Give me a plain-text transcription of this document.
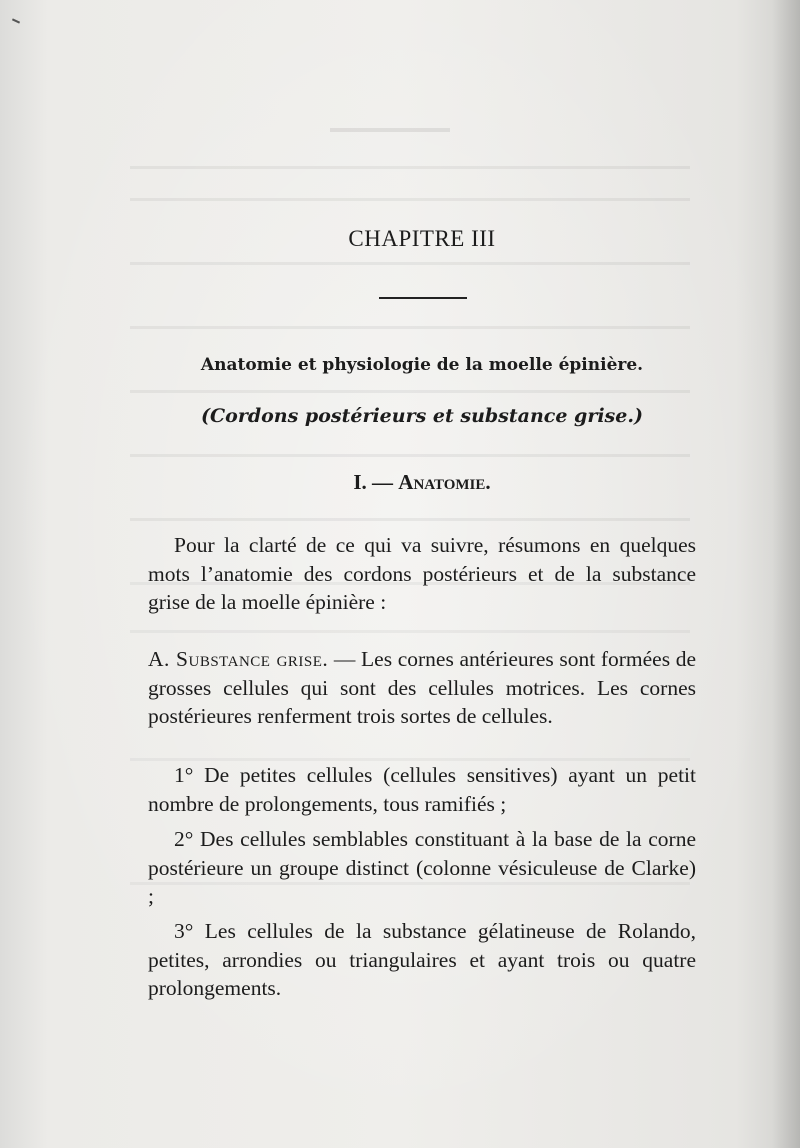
CHAPITRE III
Anatomie et physiologie de la moelle épinière.
(Cordons postérieurs et substance grise.)
I. — Anatomie.

Pour la clarté de ce qui va suivre, résumons en quelques mots l’anatomie des cordons postérieurs et de la substance grise de la moelle épinière :

A. Substance grise. — Les cornes antérieures sont formées de grosses cellules qui sont des cellules motrices. Les cornes postérieures renferment trois sortes de cellules.

1° De petites cellules (cellules sensitives) ayant un petit nombre de prolongements, tous ramifiés ;

2° Des cellules semblables constituant à la base de la corne postérieure un groupe distinct (colonne vésiculeuse de Clarke) ;

3° Les cellules de la substance gélatineuse de Rolando, petites, arrondies ou triangulaires et ayant trois ou quatre prolongements.
